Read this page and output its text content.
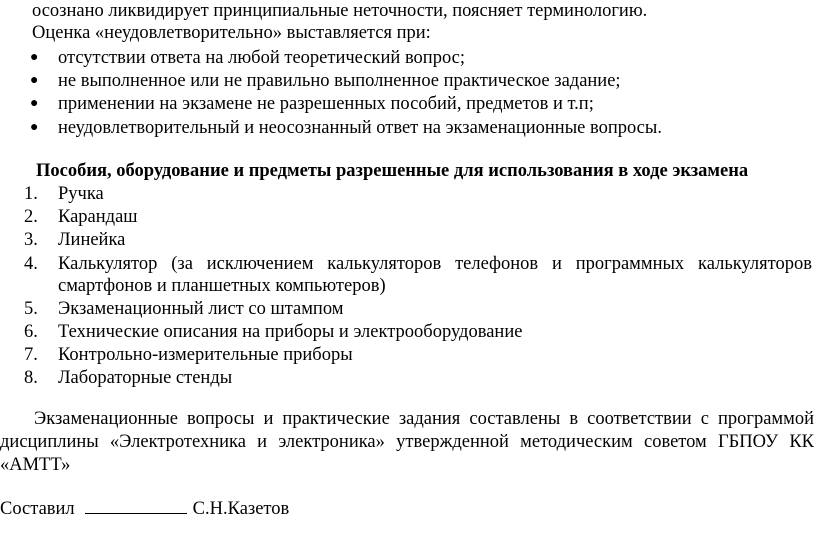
осознано ликвидирует принципиальные неточности, поясняет терминологию.
Оценка «неудовлетворительно» выставляется при:
● отсутствии ответа на любой теоретический вопрос;
● не выполненное или не правильно выполненное практическое задание;
● применении на экзамене не разрешенных пособий, предметов и т.п;
● неудовлетворительный и неосознанный ответ на экзаменационные вопросы.
Пособия, оборудование и предметы разрешенные для использования в ходе экзамена
1.	Ручка
2.	Карандаш
3.	Линейка
4.	Калькулятор (за исключением калькуляторов телефонов и программных калькуляторов
смартфонов и планшетных компьютеров)
5.	Экзаменационный лист со штампом
6.	Технические описания на приборы и электрооборудование
7.	Контрольно-измерительные приборы
8.	Лабораторные стенды
Экзаменационные вопросы и практические задания составлены в соответствии с программой
дисциплины «Электротехника и электроника» утвержденной методическим советом ГБПОУ КК
«АМТТ»
Составил	С.Н.Казетов
